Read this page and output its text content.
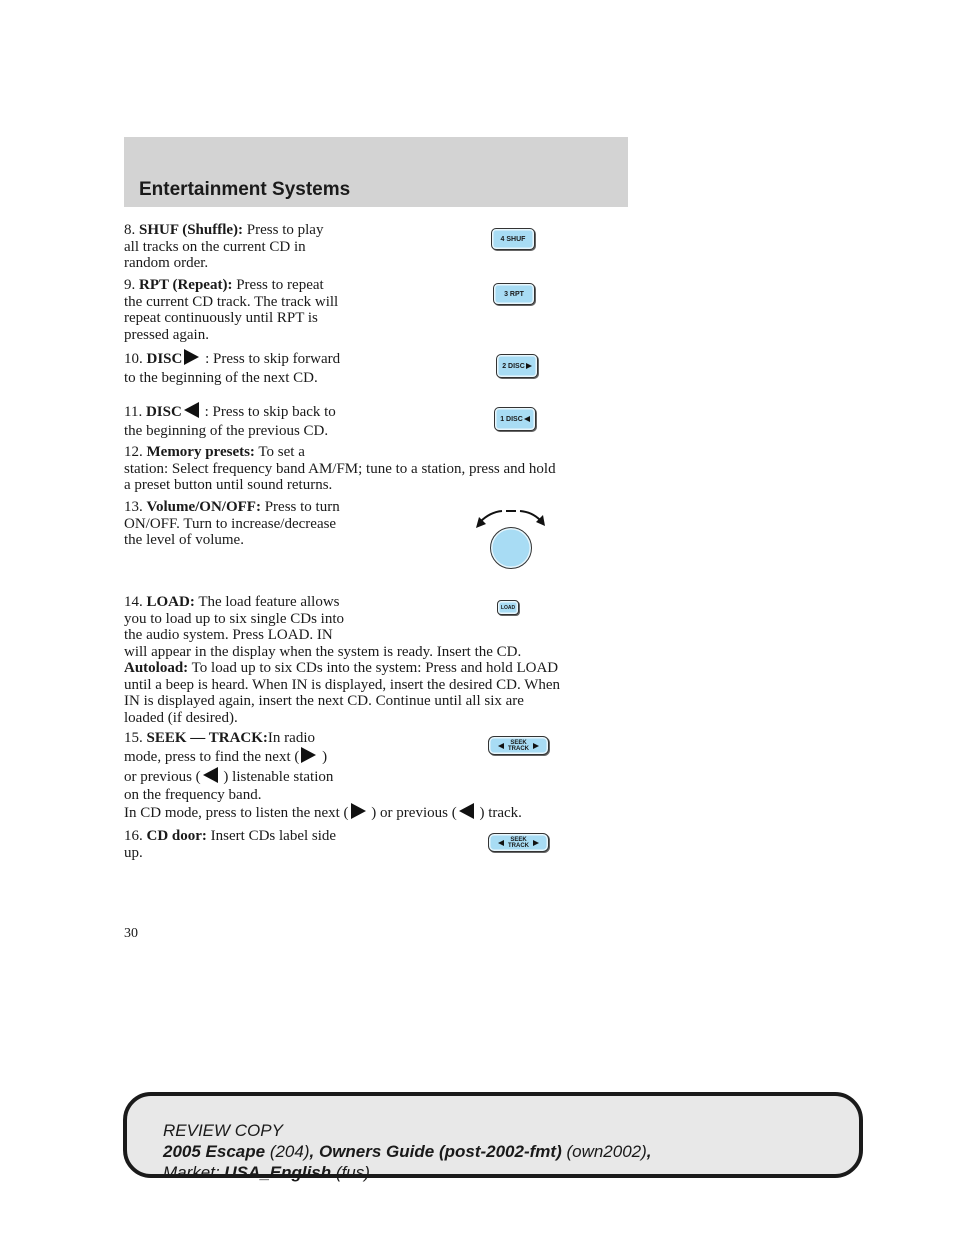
Entertainment Systems
8. SHUF (Shuffle): Press to play
all tracks on the current CD in
random order.
4 SHUF
9. RPT (Repeat): Press to repeat
the current CD track. The track will
repeat continuously until RPT is
pressed again.
3 RPT
10. DISC : Press to skip forward
to the beginning of the next CD.
2 DISC
11. DISC : Press to skip back to
the beginning of the previous CD.
1 DISC
12. Memory presets: To set a
station: Select frequency band AM/FM; tune to a station, press and hold
a preset button until sound returns.
13. Volume/ON/OFF: Press to turn
ON/OFF. Turn to increase/decrease
the level of volume.
14. LOAD: The load feature allows
you to load up to six single CDs into
the audio system. Press LOAD. IN
will appear in the display when the system is ready. Insert the CD.
Autoload: To load up to six CDs into the system: Press and hold LOAD
until a beep is heard. When IN is displayed, insert the desired CD. When
IN is displayed again, insert the next CD. Continue until all six are
loaded (if desired).
LOAD
15. SEEK — TRACK:In radio
mode, press to find the next ( )
or previous ( ) listenable station
on the frequency band.
In CD mode, press to listen the next ( ) or previous ( ) track.
SEEK
TRACK
16. CD door: Insert CDs label side
up.
SEEK
TRACK
30
REVIEW COPY
2005 Escape (204), Owners Guide (post-2002-fmt) (own2002),
Market: USA_English (fus)
